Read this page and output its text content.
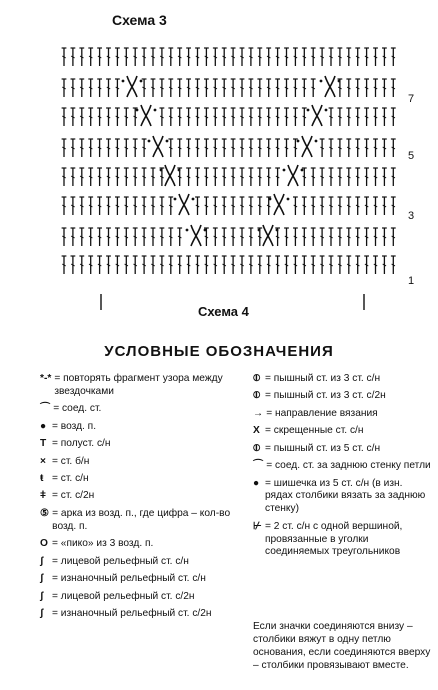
Схема 3
Схема 4
УСЛОВНЫЕ ОБОЗНАЧЕНИЯ
7
5
3
1
*-* = повторять фрагмент узора между звездочками
⌒ = соед. ст.
● = возд. п.
T = полуст. с/н
× = ст. б/н
ŧ = ст. с/н
ǂ = ст. с/2н
⑤ = арка из возд. п., где цифра – кол-во возд. п.
O = «пико» из 3 возд. п.
ʃ = лицевой рельефный ст. с/н
ʃ = изнаночный рельефный ст. с/н
ʃ = лицевой рельефный ст. с/2н
ʃ = изнаночный рельефный ст. с/2н
⦶ = пышный ст. из 3 ст. с/н
⦶ = пышный ст. из 3 ст. с/2н
→ = направление вязания
X = скрещенные ст. с/н
⦶ = пышный ст. из 5 ст. с/н
⌒ = соед. ст. за заднюю стенку петли
● = шишечка из 5 ст. с/н (в изн. рядах столбики вязать за заднюю стенку)
⊬ = 2 ст. с/н с одной вершиной, провязанные в уголки соединяемых треугольников
Если значки соединяются внизу – столбики вяжут в одну петлю основания, если соединяются вверху – столбики провязывают вместе.
